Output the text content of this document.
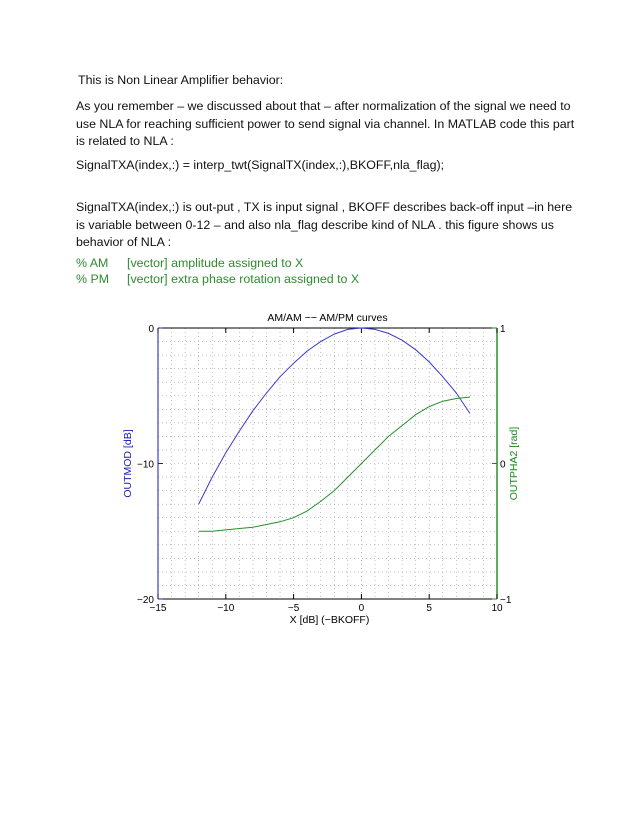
This is Non Linear Amplifier behavior:
As you remember – we discussed about that – after normalization of the signal we need to use NLA for reaching sufficient power to send signal via channel. In MATLAB code this part is related to NLA :
SignalTXA(index,:) = interp_twt(SignalTX(index,:),BKOFF,nla_flag);
SignalTXA(index,:) is out-put , TX is input signal , BKOFF describes back-off input –in here is variable between 0-12 – and also nla_flag describe kind of NLA . this figure shows us behavior of NLA :
% AM [vector] amplitude assigned to X
% PM [vector] extra phase rotation assigned to X
−15	−10	−5	0	5	10
−20
−10
0
−1
0
1
AM/AM −− AM/PM curves
X [dB] (−BKOFF)
OUTMOD [dB]	OUTPHA2 [rad]
